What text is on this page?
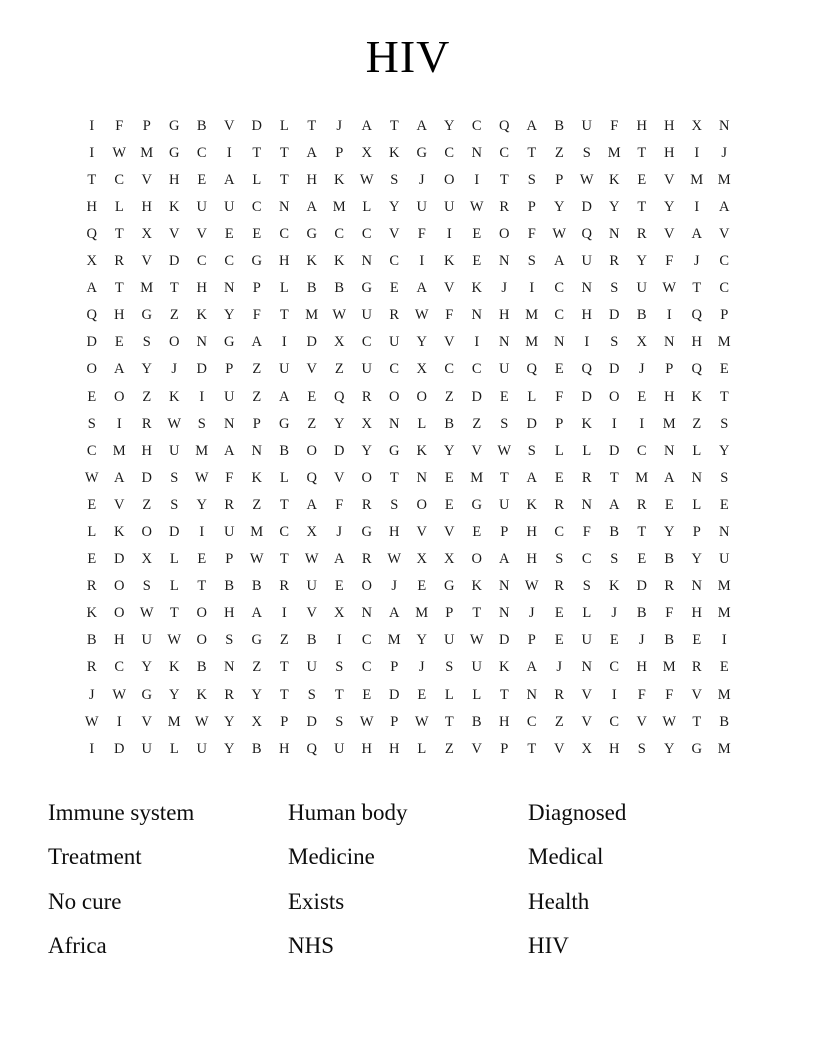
HIV
I	F	P	G	B	V	D	L	T	J	A	T	A	Y	C	Q	A	B	U	F	H	H	X	N
I	W	M	G	C	I	T	T	A	P	X	K	G	C	N	C	T	Z	S	M	T	H	I	J
T	C	V	H	E	A	L	T	H	K	W	S	J	O	I	T	S	P	W	K	E	V	M	M
H	L	H	K	U	U	C	N	A	M	L	Y	U	U	W	R	P	Y	D	Y	T	Y	I	A
Q	T	X	V	V	E	E	C	G	C	C	V	F	I	E	O	F	W	Q	N	R	V	A	V
X	R	V	D	C	C	G	H	K	K	N	C	I	K	E	N	S	A	U	R	Y	F	J	C
A	T	M	T	H	N	P	L	B	B	G	E	A	V	K	J	I	C	N	S	U	W	T	C
Q	H	G	Z	K	Y	F	T	M	W	U	R	W	F	N	H	M	C	H	D	B	I	Q	P
D	E	S	O	N	G	A	I	D	X	C	U	Y	V	I	N	M	N	I	S	X	N	H	M
O	A	Y	J	D	P	Z	U	V	Z	U	C	X	C	C	U	Q	E	Q	D	J	P	Q	E
E	O	Z	K	I	U	Z	A	E	Q	R	O	O	Z	D	E	L	F	D	O	E	H	K	T
S	I	R	W	S	N	P	G	Z	Y	X	N	L	B	Z	S	D	P	K	I	I	M	Z	S
C	M	H	U	M	A	N	B	O	D	Y	G	K	Y	V	W	S	L	L	D	C	N	L	Y
W	A	D	S	W	F	K	L	Q	V	O	T	N	E	M	T	A	E	R	T	M	A	N	S
E	V	Z	S	Y	R	Z	T	A	F	R	S	O	E	G	U	K	R	N	A	R	E	L	E
L	K	O	D	I	U	M	C	X	J	G	H	V	V	E	P	H	C	F	B	T	Y	P	N
E	D	X	L	E	P	W	T	W	A	R	W	X	X	O	A	H	S	C	S	E	B	Y	U
R	O	S	L	T	B	B	R	U	E	O	J	E	G	K	N	W	R	S	K	D	R	N	M
K	O	W	T	O	H	A	I	V	X	N	A	M	P	T	N	J	E	L	J	B	F	H	M
B	H	U	W	O	S	G	Z	B	I	C	M	Y	U	W	D	P	E	U	E	J	B	E	I
R	C	Y	K	B	N	Z	T	U	S	C	P	J	S	U	K	A	J	N	C	H	M	R	E
J	W	G	Y	K	R	Y	T	S	T	E	D	E	L	L	T	N	R	V	I	F	F	V	M
W	I	V	M	W	Y	X	P	D	S	W	P	W	T	B	H	C	Z	V	C	V	W	T	B
I	D	U	L	U	Y	B	H	Q	U	H	H	L	Z	V	P	T	V	X	H	S	Y	G	M
Immune system	Human body	Diagnosed
Treatment	Medicine	Medical
No cure	Exists	Health
Africa	NHS	HIV
